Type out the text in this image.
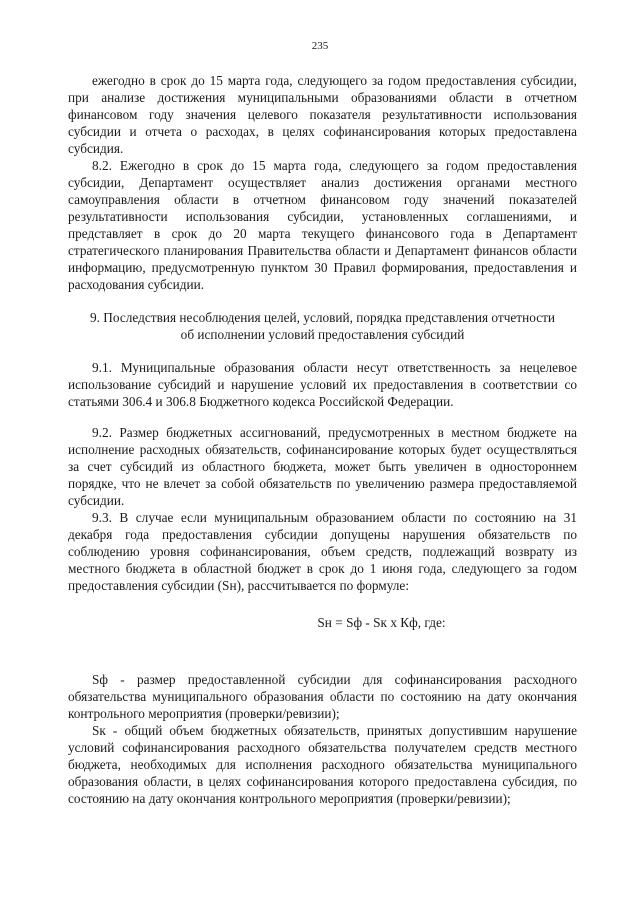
235

ежегодно в срок до 15 марта года, следующего за годом предоставления субсидии, при анализе достижения муниципальными образованиями области в отчетном финансовом году значения целевого показателя результативности использования субсидии и отчета о расходах, в целях софинансирования которых предоставлена субсидия.

8.2. Ежегодно в срок до 15 марта года, следующего за годом предоставления субсидии, Департамент осуществляет анализ достижения органами местного самоуправления области в отчетном финансовом году значений показателей результативности использования субсидии, установленных соглашениями, и представляет в срок до 20 марта текущего финансового года в Департамент стратегического планирования Правительства области и Департамент финансов области информацию, предусмотренную пунктом 30 Правил формирования, предоставления и расходования субсидии.

9. Последствия несоблюдения целей, условий, порядка представления отчетности
об исполнении условий предоставления субсидий

9.1. Муниципальные образования области несут ответственность за нецелевое использование субсидий и нарушение условий их предоставления в соответствии со статьями 306.4 и 306.8 Бюджетного кодекса Российской Федерации.

9.2. Размер бюджетных ассигнований, предусмотренных в местном бюджете на исполнение расходных обязательств, софинансирование которых будет осуществляться за счет субсидий из областного бюджета, может быть увеличен в одностороннем порядке, что не влечет за собой обязательств по увеличению размера предоставляемой субсидии.

9.3. В случае если муниципальным образованием области по состоянию на 31 декабря года предоставления субсидии допущены нарушения обязательств по соблюдению уровня софинансирования, объем средств, подлежащий возврату из местного бюджета в областной бюджет в срок до 1 июня года, следующего за годом предоставления субсидии (Sн), рассчитывается по формуле:

Sн = Sф - Sк x Кф, где:

Sф - размер предоставленной субсидии для софинансирования расходного обязательства муниципального образования области по состоянию на дату окончания контрольного мероприятия (проверки/ревизии);

Sк - общий объем бюджетных обязательств, принятых допустившим нарушение условий софинансирования расходного обязательства получателем средств местного бюджета, необходимых для исполнения расходного обязательства муниципального образования области, в целях софинансирования которого предоставлена субсидия, по состоянию на дату окончания контрольного мероприятия (проверки/ревизии);
